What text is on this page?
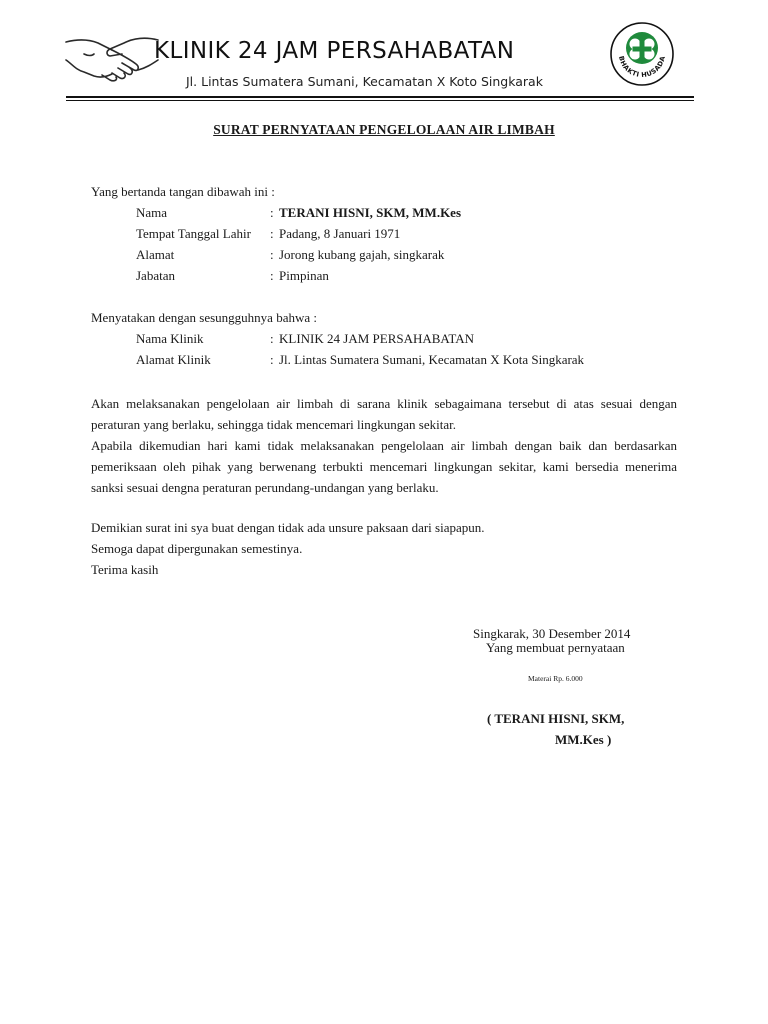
KLINIK 24 JAM PERSAHABATAN
Jl. Lintas Sumatera Sumani, Kecamatan X Koto Singkarak
BHAKTI HUSADA
SURAT PERNYATAAN PENGELOLAAN AIR LIMBAH
Yang bertanda tangan dibawah ini :
Nama	: TERANI HISNI, SKM, MM.Kes
Tempat Tanggal Lahir : Padang, 8 Januari 1971
Alamat	: Jorong kubang gajah, singkarak
Jabatan	: Pimpinan
Menyatakan dengan sesungguhnya bahwa :
Nama Klinik	: KLINIK 24 JAM PERSAHABATAN
Alamat Klinik	: Jl. Lintas Sumatera Sumani, Kecamatan X Kota Singkarak

Akan melaksanakan pengelolaan air limbah di sarana klinik sebagaimana tersebut di atas sesuai dengan peraturan yang berlaku, sehingga tidak mencemari lingkungan sekitar.

Apabila dikemudian hari kami tidak melaksanakan pengelolaan air limbah dengan baik dan berdasarkan pemeriksaan oleh pihak yang berwenang terbukti mencemari lingkungan sekitar, kami bersedia menerima sanksi sesuai dengna peraturan perundang-undangan yang berlaku.

Demikian surat ini sya buat dengan tidak ada unsure paksaan dari siapapun.
Semoga dapat dipergunakan semestinya.
Terima kasih
Singkarak, 30 Desember 2014
Yang membuat pernyataan
Materai Rp. 6.000
( TERANI HISNI, SKM,
MM.Kes )
